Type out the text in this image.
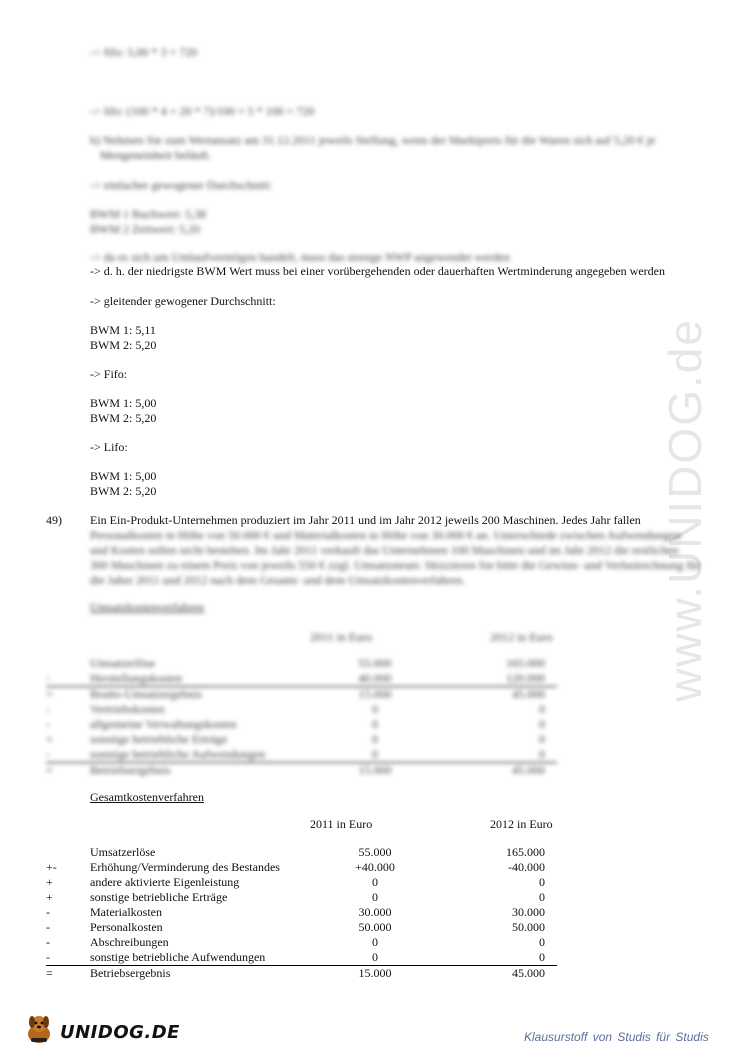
www.UNIDOG.de
-> fifo: 5,00 * 3 = 720
-> lifo: (100 * 4 + 20 * 7)/100 = 5 * 100 = 720
b) Nehmen Sie zum Wertansatz am 31.12.2011 jeweils Stellung, wenn der Marktpreis für die Waren sich auf 5,20 € je
Mengeneinheit beläuft.
-> einfacher gewogener Durchschnitt:
BWM 1 Buchwert: 5,38
BWM 2 Zeitwert: 5,20
-> da es sich um Umlaufvermögen handelt, muss das strenge NWP angewendet werden
-> d. h. der niedrigste BWM Wert muss bei einer vorübergehenden oder dauerhaften Wertminderung angegeben werden
-> gleitender gewogener Durchschnitt:
BWM 1: 5,11
BWM 2: 5,20
-> Fifo:
BWM 1: 5,00
BWM 2: 5,20
-> Lifo:
BWM 1: 5,00
BWM 2: 5,20
49) Ein Ein-Produkt-Unternehmen produziert im Jahr 2011 und im Jahr 2012 jeweils 200 Maschinen. Jedes Jahr fallen
Personalkosten in Höhe von 50.000 € und Materialkosten in Höhe von 30.000 € an. Unterschiede zwischen Aufwendungen
und Kosten sollen nicht bestehen. Im Jahr 2011 verkauft das Unternehmen 100 Maschinen und im Jahr 2012 die restlichen
300 Maschinen zu einem Preis von jeweils 550 € zzgl. Umsatzsteuer. Skizzieren Sie bitte die Gewinn- und Verlustrechnung für
die Jahre 2011 und 2012 nach dem Gesamt- und dem Umsatzkostenverfahren.
Umsatzkostenverfahren
2011 in Euro	2012 in Euro
	Umsatzerlöse	55.000	165.000
-	Herstellungskosten	40.000	120.000
=	Brutto-Umsatzergebnis	15.000	45.000
-	Vertriebskosten	0	0
-	allgemeine Verwaltungskosten	0	0
+	sonstige betriebliche Erträge	0	0
-	sonstige betriebliche Aufwendungen	0	0
=	Betriebsergebnis	15.000	45.000
Gesamtkostenverfahren
2011 in Euro	2012 in Euro
	Umsatzerlöse	55.000	165.000
+-	Erhöhung/Verminderung des Bestandes	+40.000	-40.000
+	andere aktivierte Eigenleistung	0	0
+	sonstige betriebliche Erträge	0	0
-	Materialkosten	30.000	30.000
-	Personalkosten	50.000	50.000
-	Abschreibungen	0	0
-	sonstige betriebliche Aufwendungen	0	0
=	Betriebsergebnis	15.000	45.000
UNIDOG.DE	Klausurstoff von Studis für Studis
